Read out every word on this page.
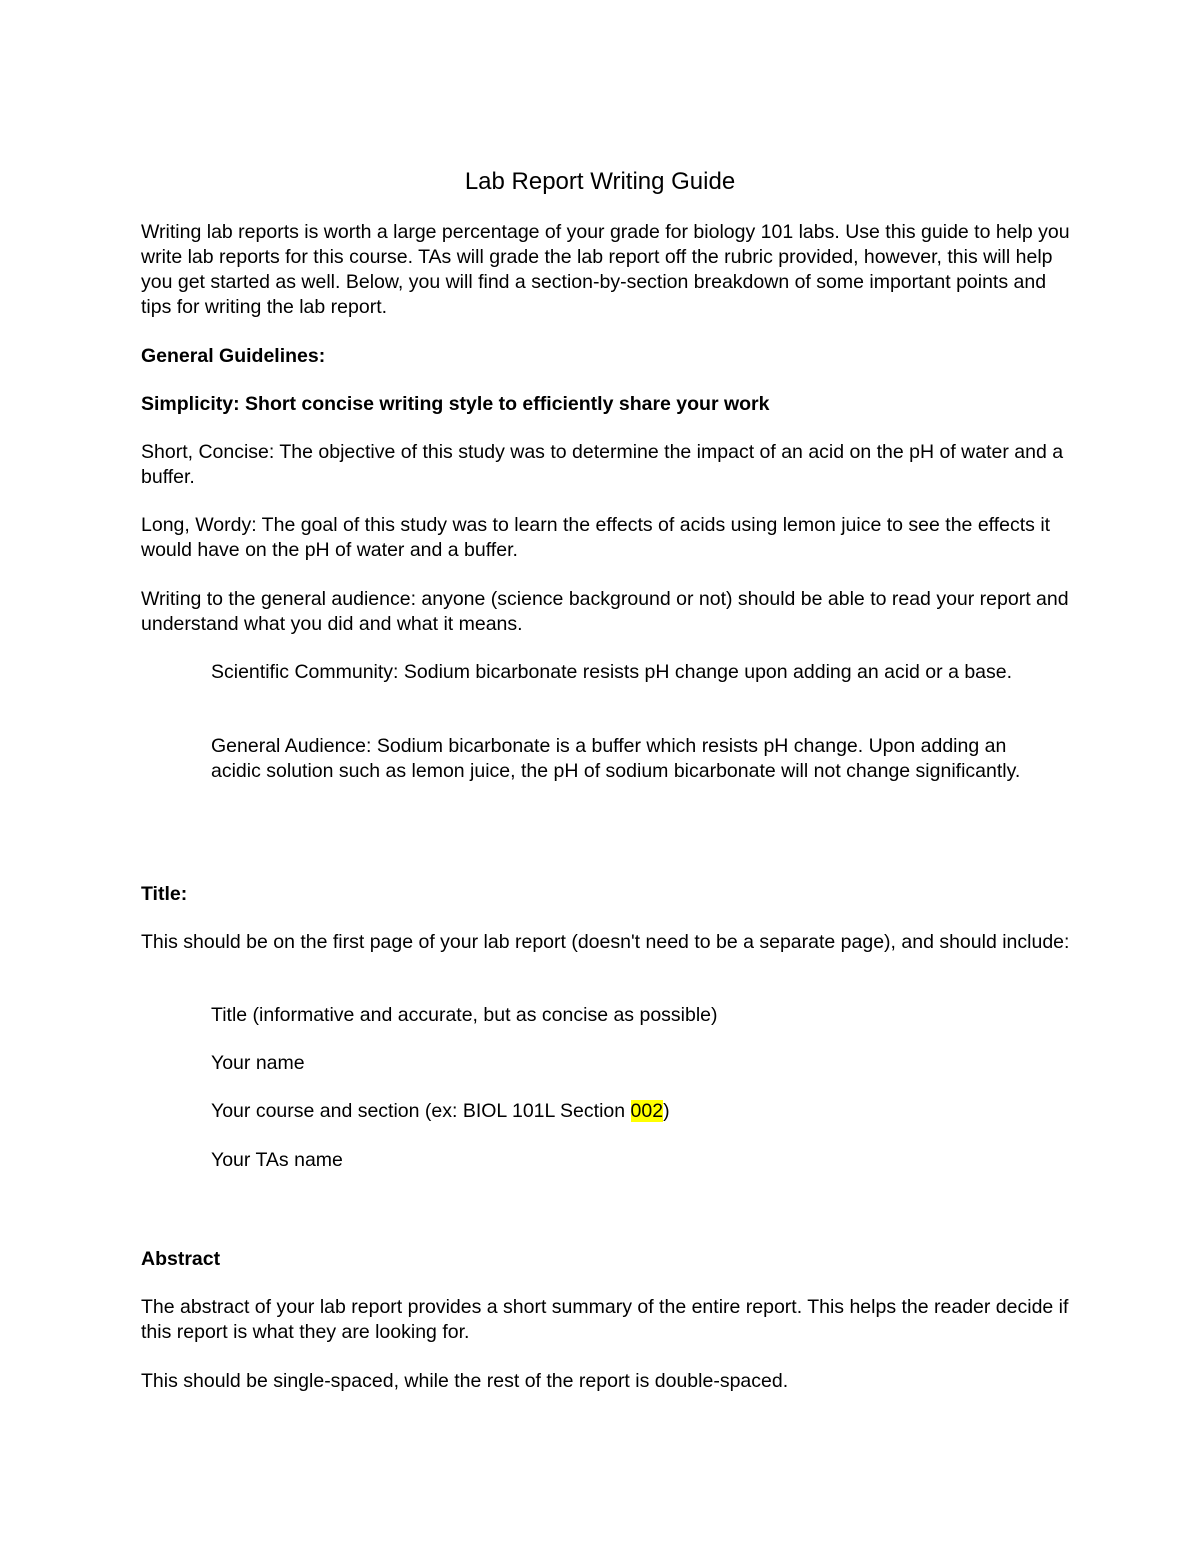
Lab Report Writing Guide

Writing lab reports is worth a large percentage of your grade for biology 101 labs. Use this guide to help you write lab reports for this course. TAs will grade the lab report off the rubric provided, however, this will help you get started as well. Below, you will find a section-by-section breakdown of some important points and tips for writing the lab report.

General Guidelines:

Simplicity: Short concise writing style to efficiently share your work

Short, Concise: The objective of this study was to determine the impact of an acid on the pH of water and a buffer.

Long, Wordy: The goal of this study was to learn the effects of acids using lemon juice to see the effects it would have on the pH of water and a buffer.

Writing to the general audience: anyone (science background or not) should be able to read your report and understand what you did and what it means.

Scientific Community: Sodium bicarbonate resists pH change upon adding an acid or a base.

General Audience: Sodium bicarbonate is a buffer which resists pH change. Upon adding an acidic solution such as lemon juice, the pH of sodium bicarbonate will not change significantly.

Title:

This should be on the first page of your lab report (doesn't need to be a separate page), and should include:

Title (informative and accurate, but as concise as possible)

Your name

Your course and section (ex: BIOL 101L Section 002)

Your TAs name

Abstract

The abstract of your lab report provides a short summary of the entire report. This helps the reader decide if this report is what they are looking for.

This should be single-spaced, while the rest of the report is double-spaced.
